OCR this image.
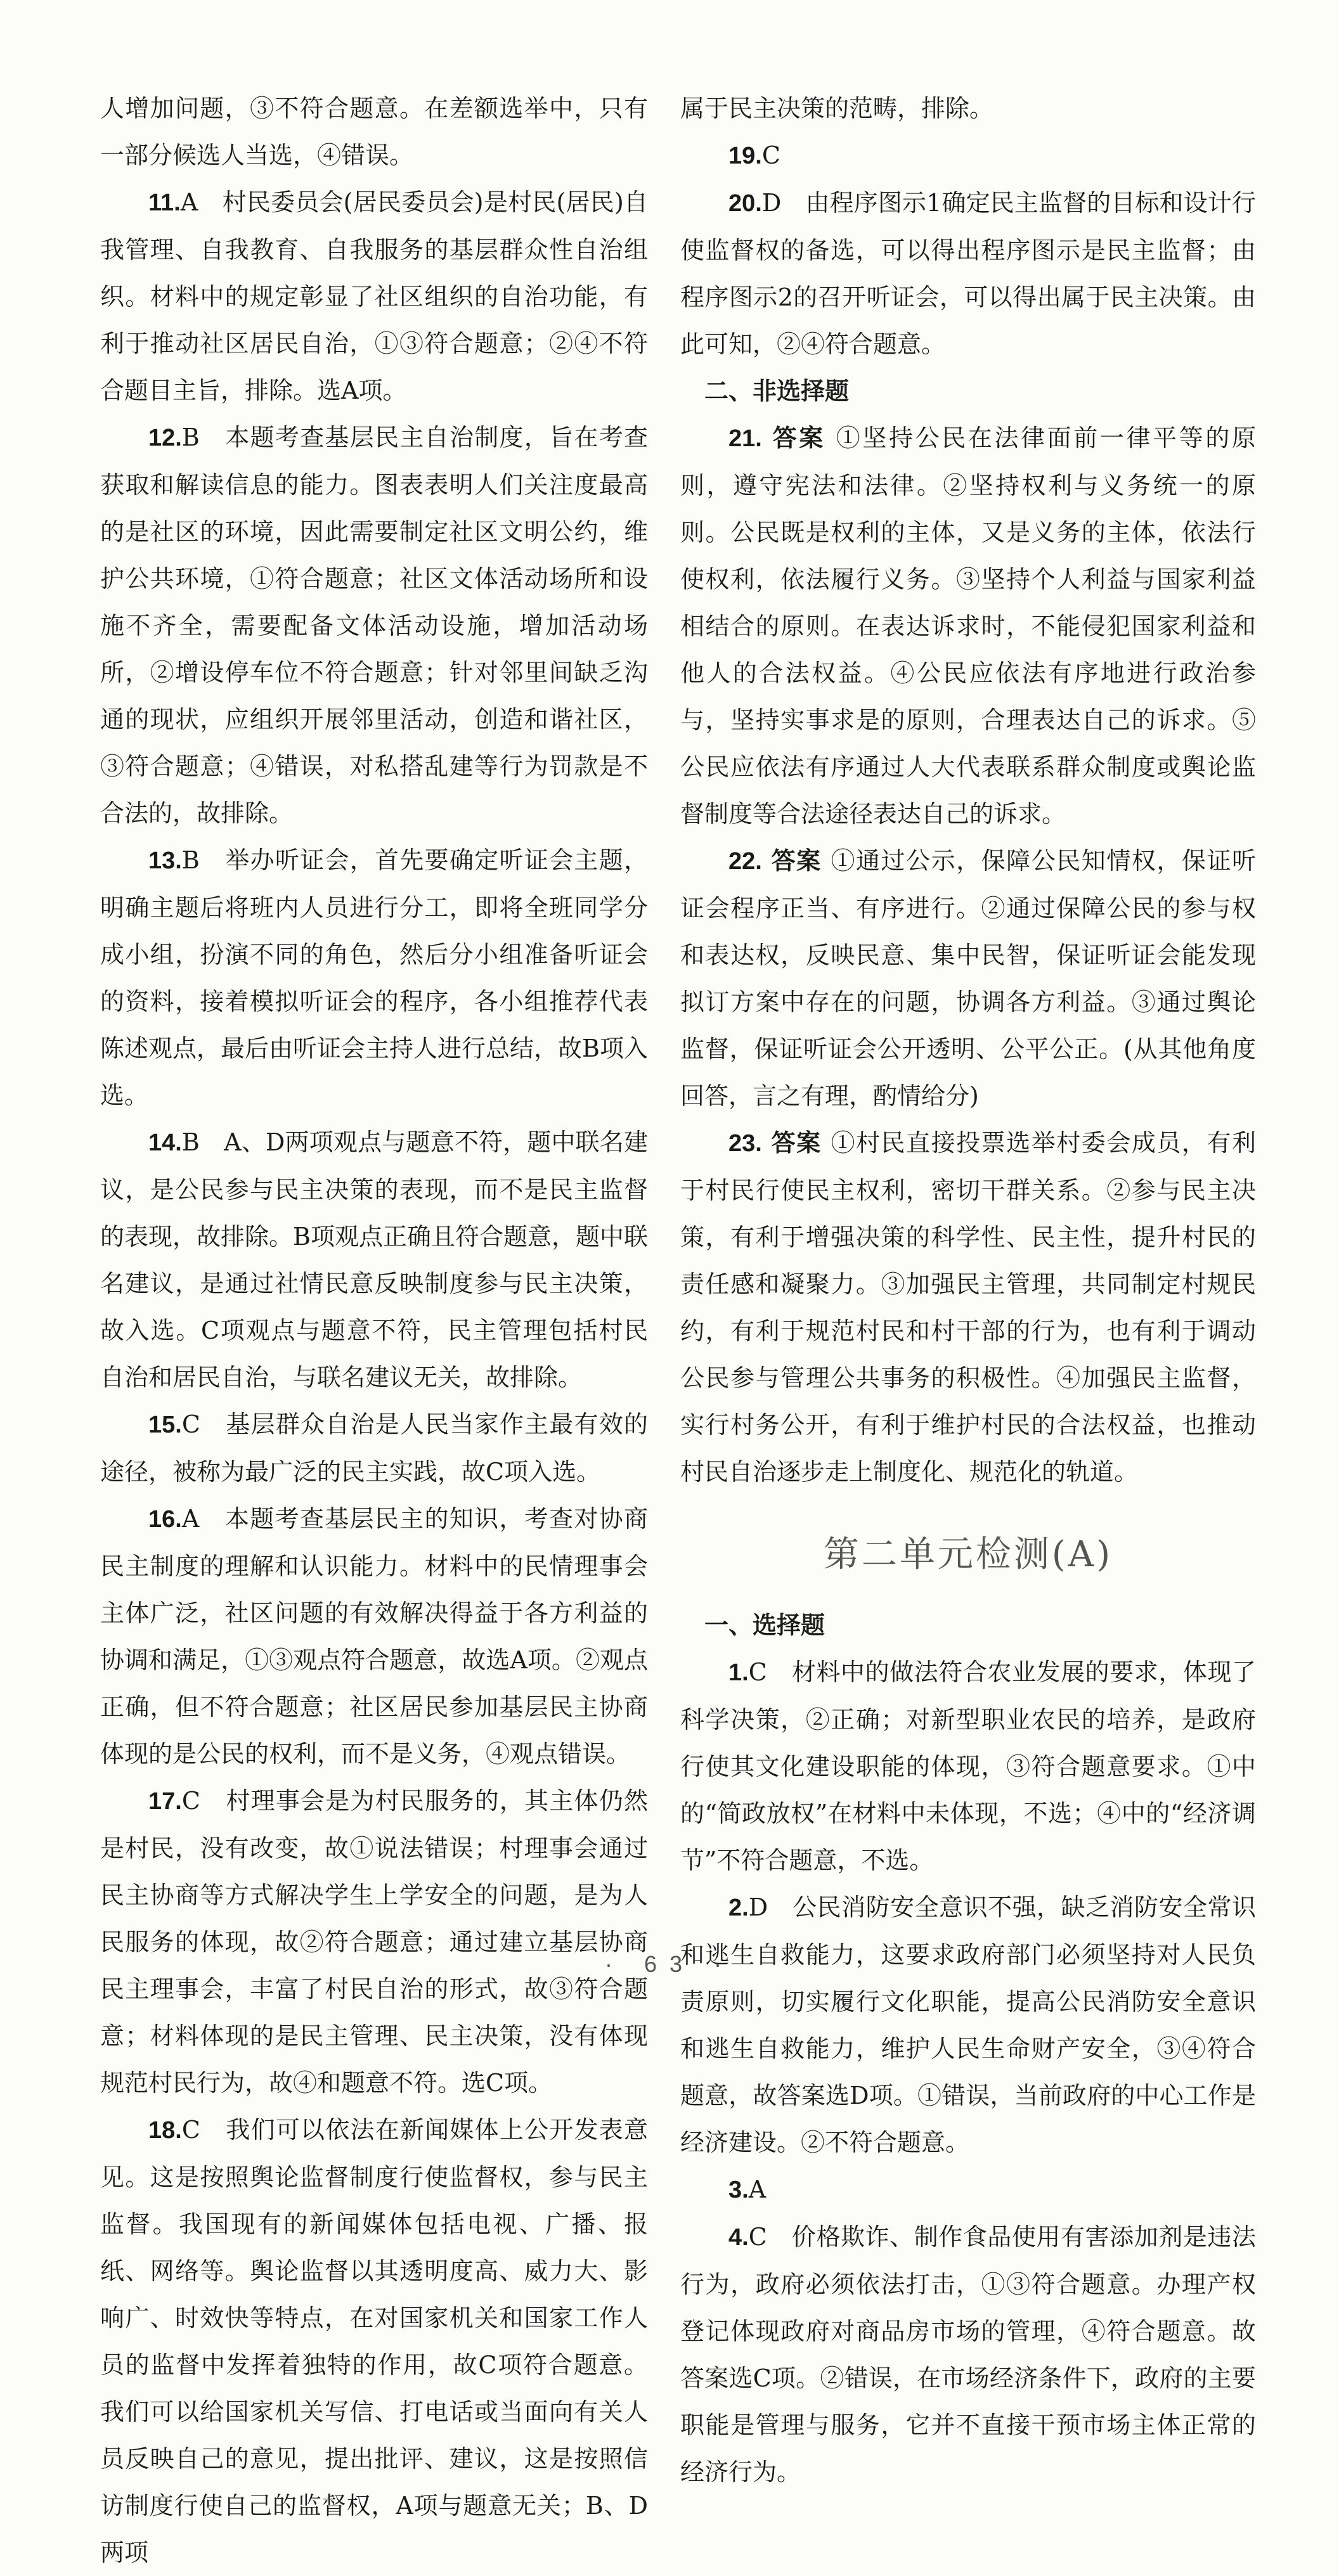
人增加问题，③不符合题意。在差额选举中，只有一部分候选人当选，④错误。

11.A　村民委员会(居民委员会)是村民(居民)自我管理、自我教育、自我服务的基层群众性自治组织。材料中的规定彰显了社区组织的自治功能，有利于推动社区居民自治，①③符合题意；②④不符合题目主旨，排除。选A项。

12.B　本题考查基层民主自治制度，旨在考查获取和解读信息的能力。图表表明人们关注度最高的是社区的环境，因此需要制定社区文明公约，维护公共环境，①符合题意；社区文体活动场所和设施不齐全，需要配备文体活动设施，增加活动场所，②增设停车位不符合题意；针对邻里间缺乏沟通的现状，应组织开展邻里活动，创造和谐社区，③符合题意；④错误，对私搭乱建等行为罚款是不合法的，故排除。

13.B　举办听证会，首先要确定听证会主题，明确主题后将班内人员进行分工，即将全班同学分成小组，扮演不同的角色，然后分小组准备听证会的资料，接着模拟听证会的程序，各小组推荐代表陈述观点，最后由听证会主持人进行总结，故B项入选。

14.B　A、D两项观点与题意不符，题中联名建议，是公民参与民主决策的表现，而不是民主监督的表现，故排除。B项观点正确且符合题意，题中联名建议，是通过社情民意反映制度参与民主决策，故入选。C项观点与题意不符，民主管理包括村民自治和居民自治，与联名建议无关，故排除。

15.C　基层群众自治是人民当家作主最有效的途径，被称为最广泛的民主实践，故C项入选。

16.A　本题考查基层民主的知识，考查对协商民主制度的理解和认识能力。材料中的民情理事会主体广泛，社区问题的有效解决得益于各方利益的协调和满足，①③观点符合题意，故选A项。②观点正确，但不符合题意；社区居民参加基层民主协商体现的是公民的权利，而不是义务，④观点错误。

17.C　村理事会是为村民服务的，其主体仍然是村民，没有改变，故①说法错误；村理事会通过民主协商等方式解决学生上学安全的问题，是为人民服务的体现，故②符合题意；通过建立基层协商民主理事会，丰富了村民自治的形式，故③符合题意；材料体现的是民主管理、民主决策，没有体现规范村民行为，故④和题意不符。选C项。

18.C　我们可以依法在新闻媒体上公开发表意见。这是按照舆论监督制度行使监督权，参与民主监督。我国现有的新闻媒体包括电视、广播、报纸、网络等。舆论监督以其透明度高、威力大、影响广、时效快等特点，在对国家机关和国家工作人员的监督中发挥着独特的作用，故C项符合题意。我们可以给国家机关写信、打电话或当面向有关人员反映自己的意见，提出批评、建议，这是按照信访制度行使自己的监督权，A项与题意无关；B、D两项

属于民主决策的范畴，排除。

19.C

20.D　由程序图示1确定民主监督的目标和设计行使监督权的备选，可以得出程序图示是民主监督；由程序图示2的召开听证会，可以得出属于民主决策。由此可知，②④符合题意。

二、非选择题

21. 答案 ①坚持公民在法律面前一律平等的原则，遵守宪法和法律。②坚持权利与义务统一的原则。公民既是权利的主体，又是义务的主体，依法行使权利，依法履行义务。③坚持个人利益与国家利益相结合的原则。在表达诉求时，不能侵犯国家利益和他人的合法权益。④公民应依法有序地进行政治参与，坚持实事求是的原则，合理表达自己的诉求。⑤公民应依法有序通过人大代表联系群众制度或舆论监督制度等合法途径表达自己的诉求。

22. 答案 ①通过公示，保障公民知情权，保证听证会程序正当、有序进行。②通过保障公民的参与权和表达权，反映民意、集中民智，保证听证会能发现拟订方案中存在的问题，协调各方利益。③通过舆论监督，保证听证会公开透明、公平公正。(从其他角度回答，言之有理，酌情给分)

23. 答案 ①村民直接投票选举村委会成员，有利于村民行使民主权利，密切干群关系。②参与民主决策，有利于增强决策的科学性、民主性，提升村民的责任感和凝聚力。③加强民主管理，共同制定村规民约，有利于规范村民和村干部的行为，也有利于调动公民参与管理公共事务的积极性。④加强民主监督，实行村务公开，有利于维护村民的合法权益，也推动村民自治逐步走上制度化、规范化的轨道。

第二单元检测(A)

一、选择题

1.C　材料中的做法符合农业发展的要求，体现了科学决策，②正确；对新型职业农民的培养，是政府行使其文化建设职能的体现，③符合题意要求。①中的“简政放权”在材料中未体现，不选；④中的“经济调节”不符合题意，不选。

2.D　公民消防安全意识不强，缺乏消防安全常识和逃生自救能力，这要求政府部门必须坚持对人民负责原则，切实履行文化职能，提高公民消防安全意识和逃生自救能力，维护人民生命财产安全，③④符合题意，故答案选D项。①错误，当前政府的中心工作是经济建设。②不符合题意。

3.A

4.C　价格欺诈、制作食品使用有害添加剂是违法行为，政府必须依法打击，①③符合题意。办理产权登记体现政府对商品房市场的管理，④符合题意。故答案选C项。②错误，在市场经济条件下，政府的主要职能是管理与服务，它并不直接干预市场主体正常的经济行为。

· 63 ·
